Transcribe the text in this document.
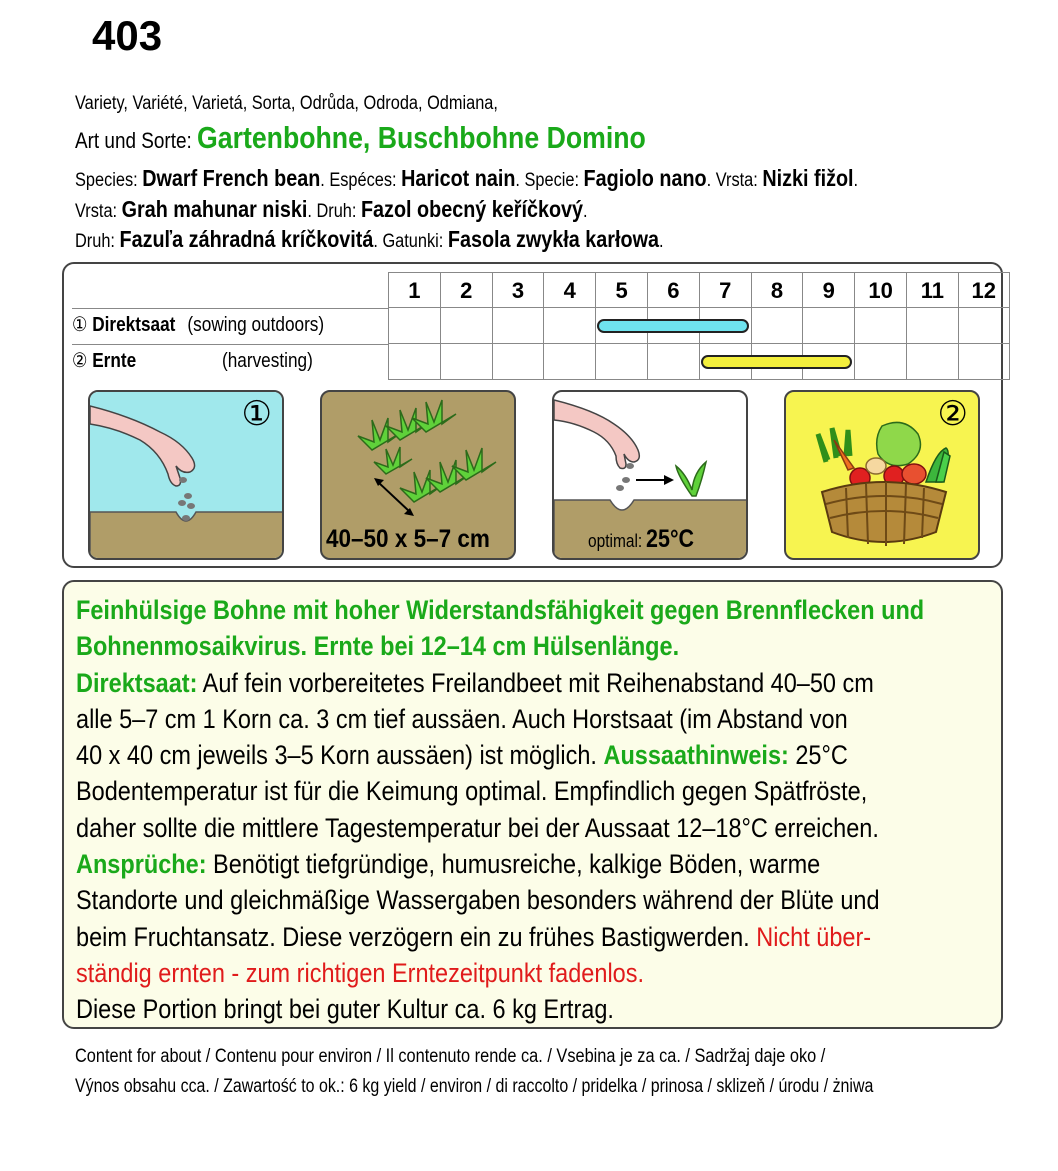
403
Variety, Variété, Varietá, Sorta, Odrůda, Odroda, Odmiana,
Art und Sorte: Gartenbohne, Buschbohne Domino
Species: Dwarf French bean. Espéces: Haricot nain. Specie: Fagiolo nano. Vrsta: Nizki fižol.
Vrsta: Grah mahunar niski. Druh: Fazol obecný keříčkový.
Druh: Fazuľa záhradná kríčkovitá. Gatunki: Fasola zwykła karłowa.
1	2	3	4	5	6	7	8	9	10	11	12
① Direktsaat (sowing outdoors)
② Ernte	(harvesting)
①
40–50 x 5–7 cm	optimal: 25°C
②
Feinhülsige Bohne mit hoher Widerstandsfähigkeit gegen Brennflecken und
Bohnenmosaikvirus. Ernte bei 12–14 cm Hülsenlänge.
Direktsaat: Auf fein vorbereitetes Freilandbeet mit Reihenabstand 40–50 cm
alle 5–7 cm 1 Korn ca. 3 cm tief aussäen. Auch Horstsaat (im Abstand von
40 x 40 cm jeweils 3–5 Korn aussäen) ist möglich. Aussaathinweis: 25°C
Bodentemperatur ist für die Keimung optimal. Empfindlich gegen Spätfröste,
daher sollte die mittlere Tagestemperatur bei der Aussaat 12–18°C erreichen.
Ansprüche: Benötigt tiefgründige, humusreiche, kalkige Böden, warme
Standorte und gleichmäßige Wassergaben besonders während der Blüte und
beim Fruchtansatz. Diese verzögern ein zu frühes Bastigwerden. Nicht über-
ständig ernten - zum richtigen Erntezeitpunkt fadenlos.
Diese Portion bringt bei guter Kultur ca. 6 kg Ertrag.
Content for about / Contenu pour environ / Il contenuto rende ca. / Vsebina je za ca. / Sadržaj daje oko /
Výnos obsahu cca. / Zawartość to ok.: 6 kg yield / environ / di raccolto / pridelka / prinosa / sklizeň / úrodu / żniwa
